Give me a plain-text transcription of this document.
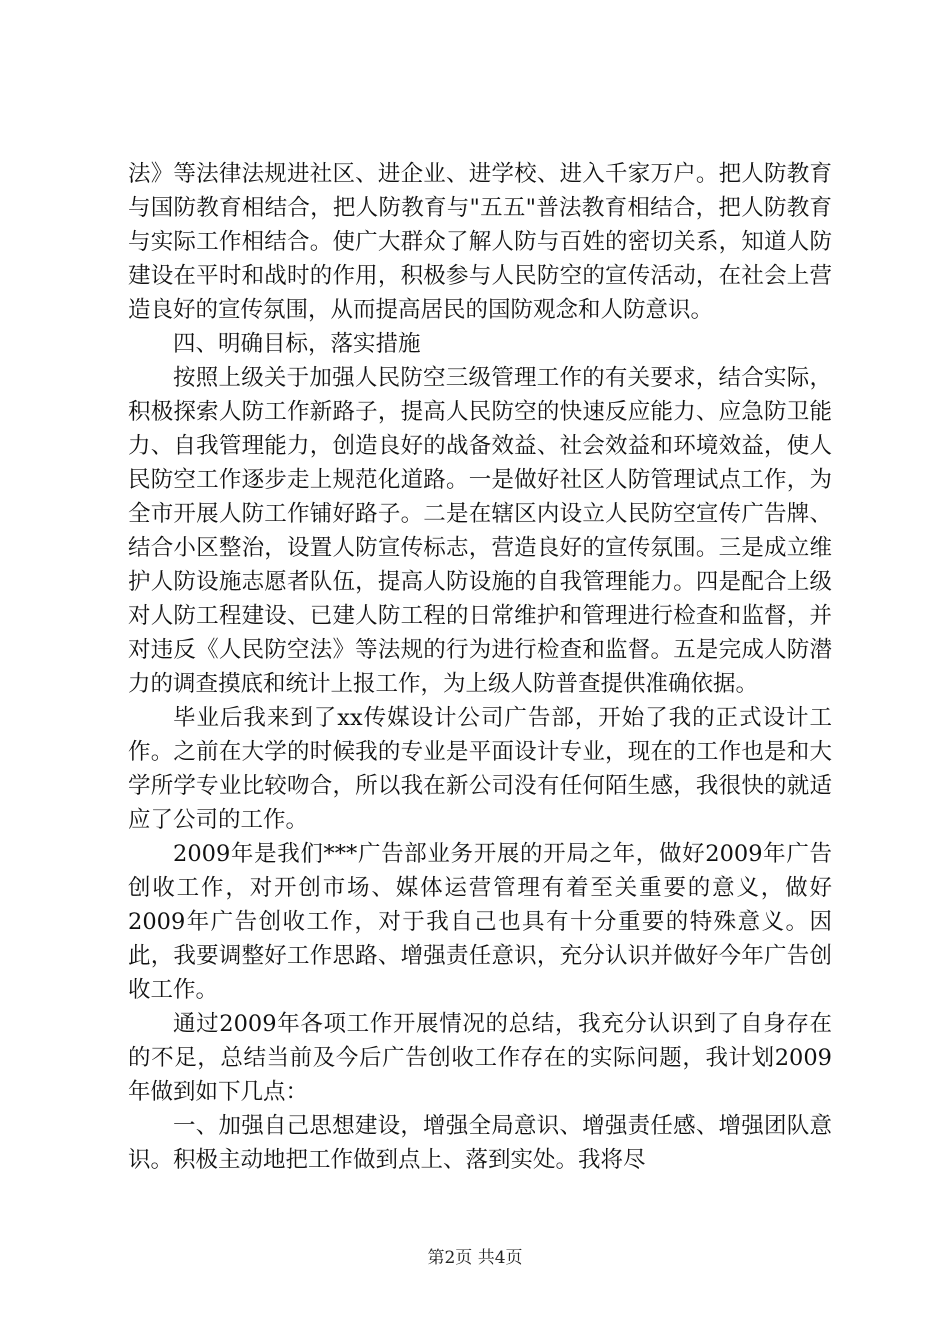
法》等法律法规进社区、进企业、进学校、进入千家万户。把人防教育与国防教育相结合，把人防教育与"五五"普法教育相结合，把人防教育与实际工作相结合。使广大群众了解人防与百姓的密切关系，知道人防建设在平时和战时的作用，积极参与人民防空的宣传活动，在社会上营造良好的宣传氛围，从而提高居民的国防观念和人防意识。

四、明确目标，落实措施

按照上级关于加强人民防空三级管理工作的有关要求，结合实际，积极探索人防工作新路子，提高人民防空的快速反应能力、应急防卫能力、自我管理能力，创造良好的战备效益、社会效益和环境效益，使人民防空工作逐步走上规范化道路。一是做好社区人防管理试点工作，为全市开展人防工作铺好路子。二是在辖区内设立人民防空宣传广告牌、结合小区整治，设置人防宣传标志，营造良好的宣传氛围。三是成立维护人防设施志愿者队伍，提高人防设施的自我管理能力。四是配合上级对人防工程建设、已建人防工程的日常维护和管理进行检查和监督，并对违反《人民防空法》等法规的行为进行检查和监督。五是完成人防潜力的调查摸底和统计上报工作，为上级人防普查提供准确依据。

毕业后我来到了xx传媒设计公司广告部，开始了我的正式设计工作。之前在大学的时候我的专业是平面设计专业，现在的工作也是和大学所学专业比较吻合，所以我在新公司没有任何陌生感，我很快的就适应了公司的工作。

2009年是我们***广告部业务开展的开局之年，做好2009年广告创收工作，对开创市场、媒体运营管理有着至关重要的意义，做好2009年广告创收工作，对于我自己也具有十分重要的特殊意义。因此，我要调整好工作思路、增强责任意识，充分认识并做好今年广告创收工作。

通过2009年各项工作开展情况的总结，我充分认识到了自身存在的不足，总结当前及今后广告创收工作存在的实际问题，我计划2009年做到如下几点：

一、加强自己思想建设，增强全局意识、增强责任感、增强团队意识。积极主动地把工作做到点上、落到实处。我将尽

第2页 共4页
